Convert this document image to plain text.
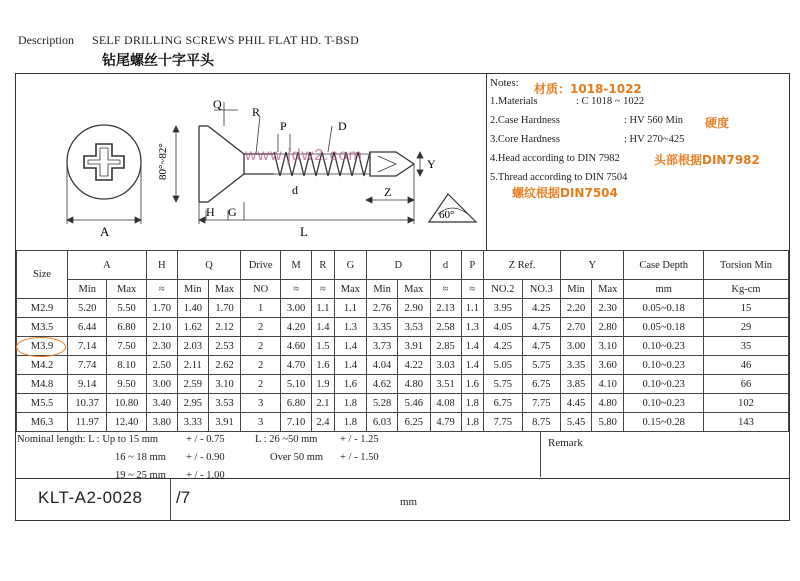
Description SELF DRILLING SCREWS PHIL FLAT HD. T-BSD
钻尾螺丝十字平头
A
80°~82°
60°
Q
R
P	D
Y
H G
L
d	Z
www.jdw2.com
Notes:
1.Materials	: C 1018 ~ 1022
2.Case Hardness	: HV 560 Min
3.Core Hardness	: HV 270~425
4.Head according to DIN 7982
5.Thread according to DIN 7504
材质：1018-1022
硬度
头部根据DIN7982
螺纹根据DIN7504
Size	A		H	Q		Drive	M	R	G	D		d	P	Z Ref.		Y		Case Depth	Torsion Min
	Min	Max	≈	Min	Max	NO	≈	≈	Max	Min	Max	≈	≈	NO.2	NO.3	Min	Max	mm	Kg-cm
M2.9	5.20	5.50	1.70	1.40	1.70	1	3.00	1.1	1.1	2.76	2.90	2.13	1.1	3.95	4.25	2.20	2.30	0.05~0.18	15
M3.5	6.44	6.80	2.10	1.62	2.12	2	4.20	1.4	1.3	3.35	3.53	2.58	1.3	4.05	4.75	2.70	2.80	0.05~0.18	29
M3.9	7.14	7.50	2.30	2.03	2.53	2	4.60	1.5	1.4	3.73	3.91	2.85	1.4	4.25	4.75	3.00	3.10	0.10~0.23	35
M4.2	7.74	8.10	2.50	2.11	2.62	2	4.70	1.6	1.4	4.04	4.22	3.03	1.4	5.05	5.75	3.35	3.60	0.10~0.23	46
M4.8	9.14	9.50	3.00	2.59	3.10	2	5.10	1.9	1.6	4.62	4.80	3.51	1.6	5.75	6.75	3.85	4.10	0.10~0.23	66
M5.5	10.37	10.80	3.40	2.95	3.53	3	6.80	2.1	1.8	5.28	5.46	4.08	1.8	6.75	7.75	4.45	4.80	0.10~0.23	102
M6.3	11.97	12.40	3.80	3.33	3.91	3	7.10	2.4	1.8	6.03	6.25	4.79	1.8	7.75	8.75	5.45	5.80	0.15~0.28	143
Nominal length: L : Up to 15 mm	+ / - 0.75	L : 26 ~50 mm + / - 1.25
16 ~ 18 mm + / - 0.90	Over 50 mm + / - 1.50
19 ~ 25 mm + / - 1.00
Remark
KLT-A2-0028 /7	mm
